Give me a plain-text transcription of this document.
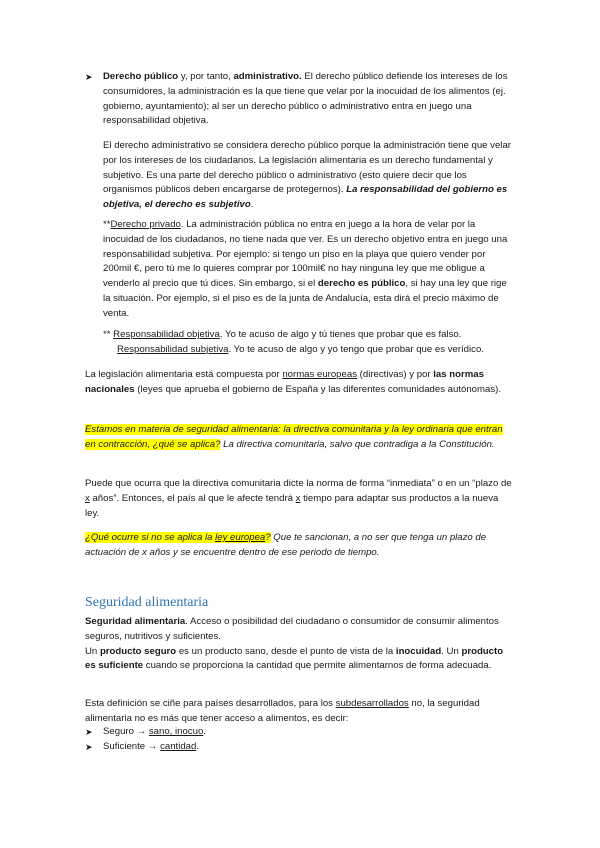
➤	Derecho público y, por tanto, administrativo. El derecho público defiende los intereses de los consumidores, la administración es la que tiene que velar por la inocuidad de los alimentos (ej. gobierno, ayuntamiento); al ser un derecho público o administrativo entra en juego una responsabilidad objetiva.

El derecho administrativo se considera derecho público porque la administración tiene que velar por los intereses de los ciudadanos. La legislación alimentaria es un derecho fundamental y subjetivo. Es una parte del derecho público o administrativo (esto quiere decir que los organismos públicos deben encargarse de protegernos). La responsabilidad del gobierno es objetiva, el derecho es subjetivo.

**Derecho privado. La administración pública no entra en juego a la hora de velar por la inocuidad de los ciudadanos, no tiene nada que ver. Es un derecho objetivo entra en juego una responsabilidad subjetiva. Por ejemplo: si tengo un piso en la playa que quiero vender por 200mil €, pero tú me lo quieres comprar por 100mil€ no hay ninguna ley que me obligue a venderlo al precio que tú dices. Sin embargo, si el derecho es público, si hay una ley que rige la situación. Por ejemplo, si el piso es de la junta de Andalucía, esta dirá el precio máximo de venta.

** Responsabilidad objetiva. Yo te acuso de algo y tú tienes que probar que es falso.
Responsabilidad subjetiva. Yo te acuso de algo y yo tengo que probar que es verídico.

La legislación alimentaria está compuesta por normas europeas (directivas) y por las normas nacionales (leyes que aprueba el gobierno de España y las diferentes comunidades autónomas).

Estamos en materia de seguridad alimentaria: la directiva comunitaria y la ley ordinaria que entran en contracción, ¿qué se aplica? La directiva comunitaria, salvo que contradiga a la Constitución.

Puede que ocurra que la directiva comunitaria dicte la norma de forma “inmediata” o en un “plazo de x años”. Entonces, el país al que le afecte tendrá x tiempo para adaptar sus productos a la nueva ley.

¿Qué ocurre si no se aplica la ley europea? Que te sancionan, a no ser que tenga un plazo de actuación de x años y se encuentre dentro de ese periodo de tiempo.

Seguridad alimentaria

Seguridad alimentaria. Acceso o posibilidad del ciudadano o consumidor de consumir alimentos seguros, nutritivos y suficientes.
Un producto seguro es un producto sano, desde el punto de vista de la inocuidad. Un producto es suficiente cuando se proporciona la cantidad que permite alimentarnos de forma adecuada.

Esta definición se ciñe para países desarrollados, para los subdesarrollados no, la seguridad alimentaria no es más que tener acceso a alimentos, es decir:

➤	Seguro → sano, inocuo.

➤	Suficiente → cantidad.
